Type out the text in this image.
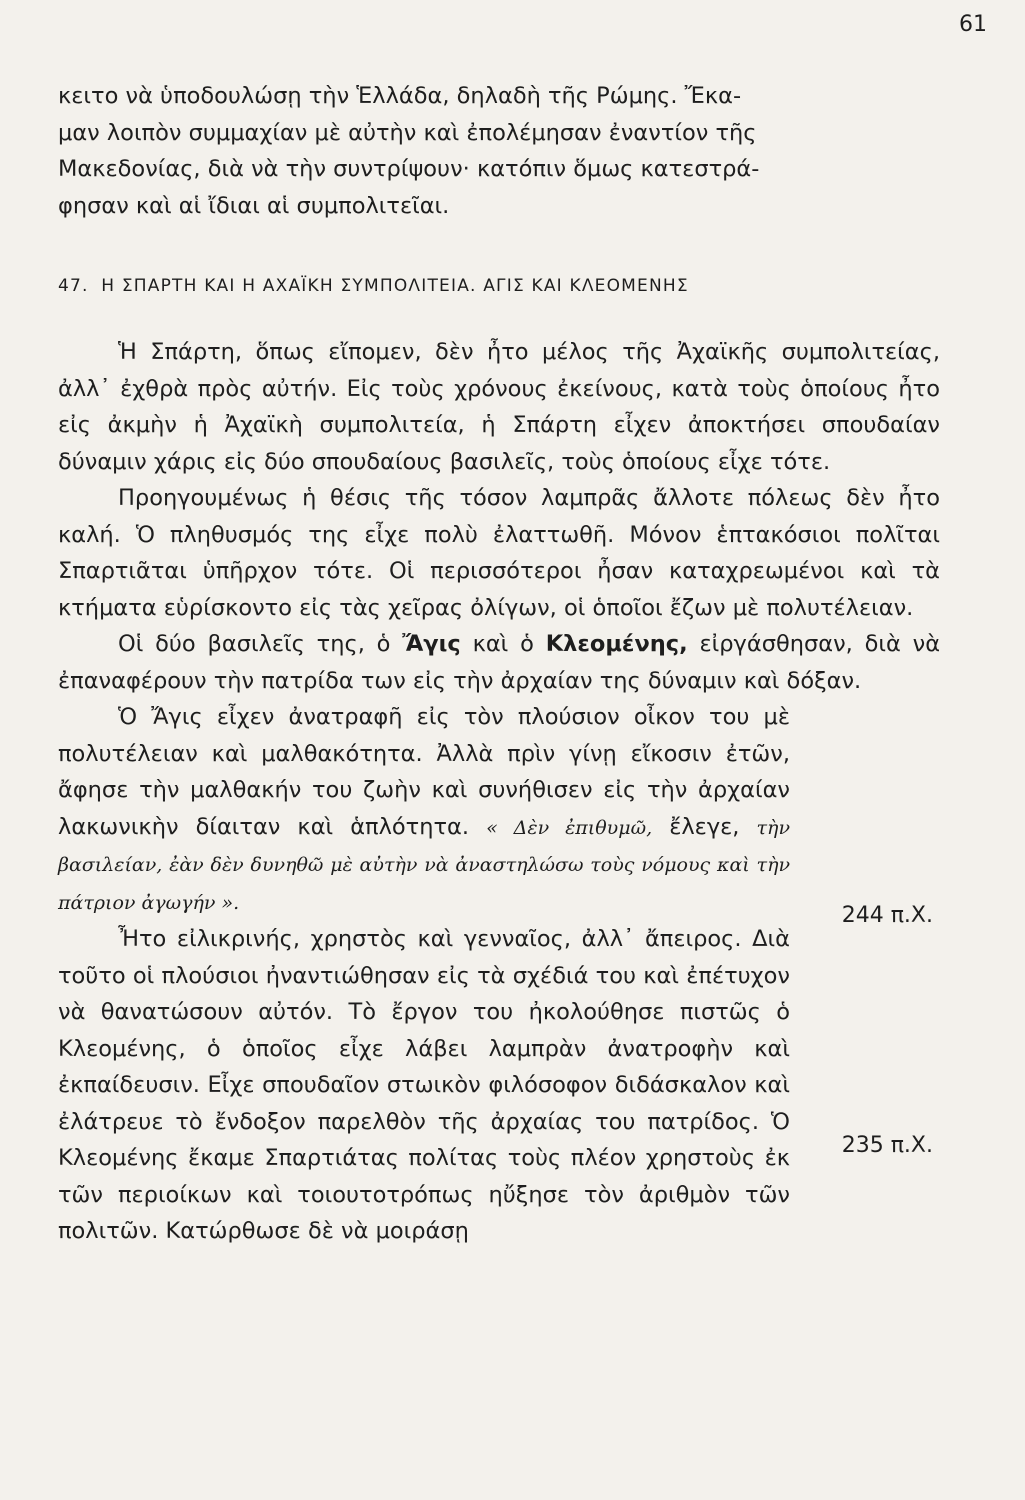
61
κειτο νὰ ὑποδουλώσῃ τὴν Ἑλλάδα, δηλαδὴ τῆς Ρώμης. Ἔκα-
μαν λοιπὸν συμμαχίαν μὲ αὐτὴν καὶ ἐπολέμησαν ἐναντίον τῆς
Μακεδονίας, διὰ νὰ τὴν συντρίψουν· κατόπιν ὅμως κατεστρά-
φησαν καὶ αἱ ἴδιαι αἱ συμπολιτεῖαι.
47. Η ΣΠΑΡΤΗ ΚΑΙ Η ΑΧΑΪΚΗ ΣΥΜΠΟΛΙΤΕΙΑ. ΑΓΙΣ ΚΑΙ ΚΛΕΟΜΕΝΗΣ

Ἡ Σπάρτη, ὅπως εἴπομεν, δὲν ἦτο μέλος τῆς Ἀχαϊκῆς συμπολιτείας, ἀλλ᾽ ἐχθρὰ πρὸς αὐτήν. Εἰς τοὺς χρόνους ἐκείνους, κατὰ τοὺς ὁποίους ἦτο εἰς ἀκμὴν ἡ Ἀχαϊκὴ συμπολιτεία, ἡ Σπάρτη εἶχεν ἀποκτήσει σπουδαίαν δύναμιν χάρις εἰς δύο σπουδαίους βασιλεῖς, τοὺς ὁποίους εἶχε τότε.

Προηγουμένως ἡ θέσις τῆς τόσον λαμπρᾶς ἄλλοτε πόλεως δὲν ἦτο καλή. Ὁ πληθυσμός της εἶχε πολὺ ἐλαττωθῆ. Μόνον ἑπτακόσιοι πολῖται Σπαρτιᾶται ὑπῆρχον τότε. Οἱ περισσότεροι ἦσαν καταχρεωμένοι καὶ τὰ κτήματα εὑρίσκοντο εἰς τὰς χεῖρας ὀλίγων, οἱ ὁποῖοι ἔζων μὲ πολυτέλειαν.

Οἱ δύο βασιλεῖς της, ὁ Ἄγις καὶ ὁ Κλεομένης, εἰργάσθησαν, διὰ νὰ ἐπαναφέρουν τὴν πατρίδα των εἰς τὴν ἀρχαίαν της δύναμιν καὶ δόξαν.

Ὁ Ἄγις εἶχεν ἀνατραφῆ εἰς τὸν πλούσιον οἶκον του μὲ πολυτέλειαν καὶ μαλθακότητα. Ἀλλὰ πρὶν γίνῃ εἴκοσιν ἐτῶν, ἄφησε τὴν μαλθακήν του ζωὴν καὶ συνήθισεν εἰς τὴν ἀρχαίαν λακωνικὴν δίαιταν καὶ ἁπλότητα. « Δὲν ἐπιθυμῶ, ἔλεγε, τὴν βασιλείαν, ἐὰν δὲν δυνηθῶ μὲ αὐτὴν νὰ ἀναστηλώσω τοὺς νόμους καὶ τὴν πάτριον ἀγωγήν ».

Ἦτο εἰλικρινής, χρηστὸς καὶ γενναῖος, ἀλλ᾽ ἄπειρος. Διὰ τοῦτο οἱ πλούσιοι ἠναντιώθησαν εἰς τὰ σχέδιά του καὶ ἐπέτυχον νὰ θανατώσουν αὐτόν. Τὸ ἔργον του ἠκολούθησε πιστῶς ὁ Κλεομένης, ὁ ὁποῖος εἶχε λάβει λαμπρὰν ἀνατροφὴν καὶ ἐκπαίδευσιν. Εἶχε σπουδαῖον στωικὸν φιλόσοφον διδάσκαλον καὶ ἐλάτρευε τὸ ἔνδοξον παρελθὸν τῆς ἀρχαίας του πατρίδος. Ὁ Κλεομένης ἔκαμε Σπαρτιάτας πολίτας τοὺς πλέον χρηστοὺς ἐκ τῶν περιοίκων καὶ τοιουτοτρόπως ηὔξησε τὸν ἀριθμὸν τῶν πολιτῶν. Κατώρθωσε δὲ νὰ μοιράσῃ

244 π.Χ.
235 π.Χ.
